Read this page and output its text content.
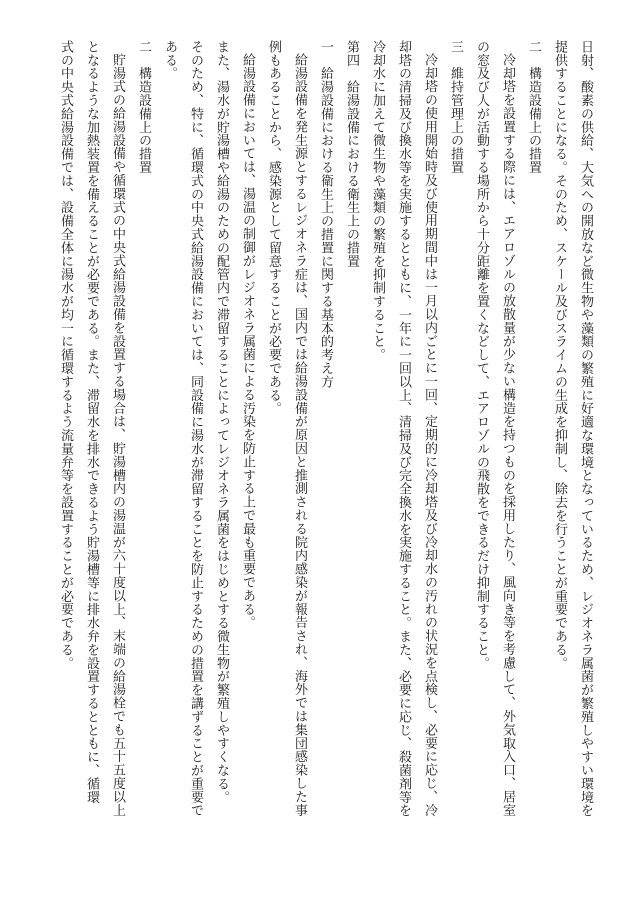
日射、酸素の供給、大気への開放など微生物や藻類の繁殖に好適な環境となっているため、レジオネラ属菌が繁殖しやすい環境を
提供することになる。そのため、スケール及びスライムの生成を抑制し、除去を行うことが重要である。
二　構造設備上の措置
冷却塔を設置する際には、エアロゾルの放散量が少ない構造を持つものを採用したり、風向き等を考慮して、外気取入口、居室
の窓及び人が活動する場所から十分距離を置くなどして、エアロゾルの飛散をできるだけ抑制すること。
三　維持管理上の措置
冷却塔の使用開始時及び使用期間中は一月以内ごとに一回、定期的に冷却塔及び冷却水の汚れの状況を点検し、必要に応じ、冷
却塔の清掃及び換水等を実施するとともに、一年に一回以上、清掃及び完全換水を実施すること。また、必要に応じ、殺菌剤等を
冷却水に加えて微生物や藻類の繁殖を抑制すること。
第四　給湯設備における衛生上の措置
一　給湯設備における衛生上の措置に関する基本的考え方
給湯設備を発生源とするレジオネラ症は、国内では給湯設備が原因と推測される院内感染が報告され、海外では集団感染した事
例もあることから、感染源として留意することが必要である。
給湯設備においては、湯温の制御がレジオネラ属菌による汚染を防止する上で最も重要である。
また、湯水が貯湯槽や給湯のための配管内で滞留することによってレジオネラ属菌をはじめとする微生物が繁殖しやすくなる。
そのため、特に、循環式の中央式給湯設備においては、同設備に湯水が滞留することを防止するための措置を講ずることが重要で
ある。
二　構造設備上の措置
貯湯式の給湯設備や循環式の中央式給湯設備を設置する場合は、貯湯槽内の湯温が六十度以上、末端の給湯栓でも五十五度以上
となるような加熱装置を備えることが必要である。また、滞留水を排水できるよう貯湯槽等に排水弁を設置するとともに、循環
式の中央式給湯設備では、設備全体に湯水が均一に循環するよう流量弁等を設置することが必要である。
